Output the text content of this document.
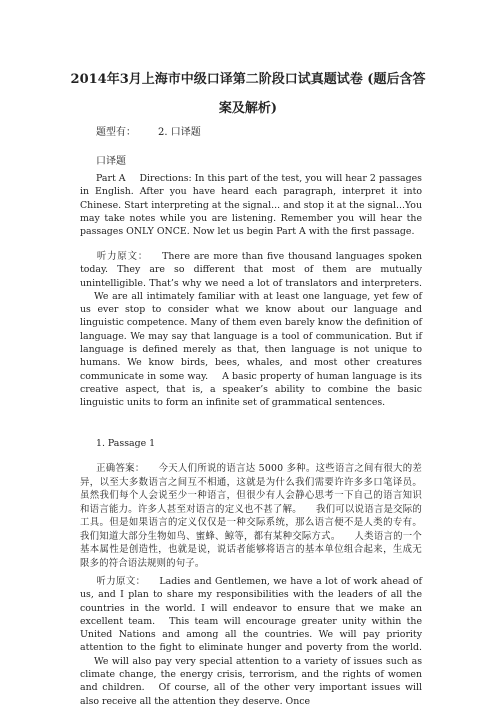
2014年3月上海市中级口译第二阶段口试真题试卷 (题后含答案及解析)
题型有： 2. 口译题
口译题
Part A Directions: In this part of the test, you will hear 2 passages in English. After you have heard each paragraph, interpret it into Chinese. Start interpreting at the signal... and stop it at the signal...You may take notes while you are listening. Remember you will hear the passages ONLY ONCE. Now let us begin Part A with the first passage.
听力原文： There are more than five thousand languages spoken today. They are so different that most of them are mutually unintelligible. That’s why we need a lot of translators and interpreters.We are all intimately familiar with at least one language, yet few of us ever stop to consider what we know about our language and linguistic competence. Many of them even barely know the definition of language. We may say that language is a tool of communication. But if language is defined merely as that, then language is not unique to humans. We know birds, bees, whales, and most other creatures communicate in some way. A basic property of human language is its creative aspect, that is, a speaker’s ability to combine the basic linguistic units to form an infinite set of grammatical sentences.
1. Passage 1
正确答案： 今天人们所说的语言达 5000 多种。这些语言之间有很大的差异，以至大多数语言之间互不相通，这就是为什么我们需要许许多多口笔译员。虽然我们每个人会说至少一种语言，但很少有人会静心思考一下自己的语言知识和语言能力。许多人甚至对语言的定义也不甚了解。 我们可以说语言是交际的工具。但是如果语言的定义仅仅是一种交际系统，那么语言便不是人类的专有。我们知道大部分生物如鸟、蜜蜂、鲸等，都有某种交际方式。 人类语言的一个基本属性是创造性，也就是说，说话者能够将语言的基本单位组合起来，生成无限多的符合语法规则的句子。
听力原文： Ladies and Gentlemen, we have a lot of work ahead of us, and I plan to share my responsibilities with the leaders of all the countries in the world. I will endeavor to ensure that we make an excellent team. This team will encourage greater unity within the United Nations and among all the countries. We will pay priority attention to the fight to eliminate hunger and poverty from the world.We will also pay very special attention to a variety of issues such as climate change, the energy crisis, terrorism, and the rights of women and children. Of course, all of the other very important issues will also receive all the attention they deserve. Once
